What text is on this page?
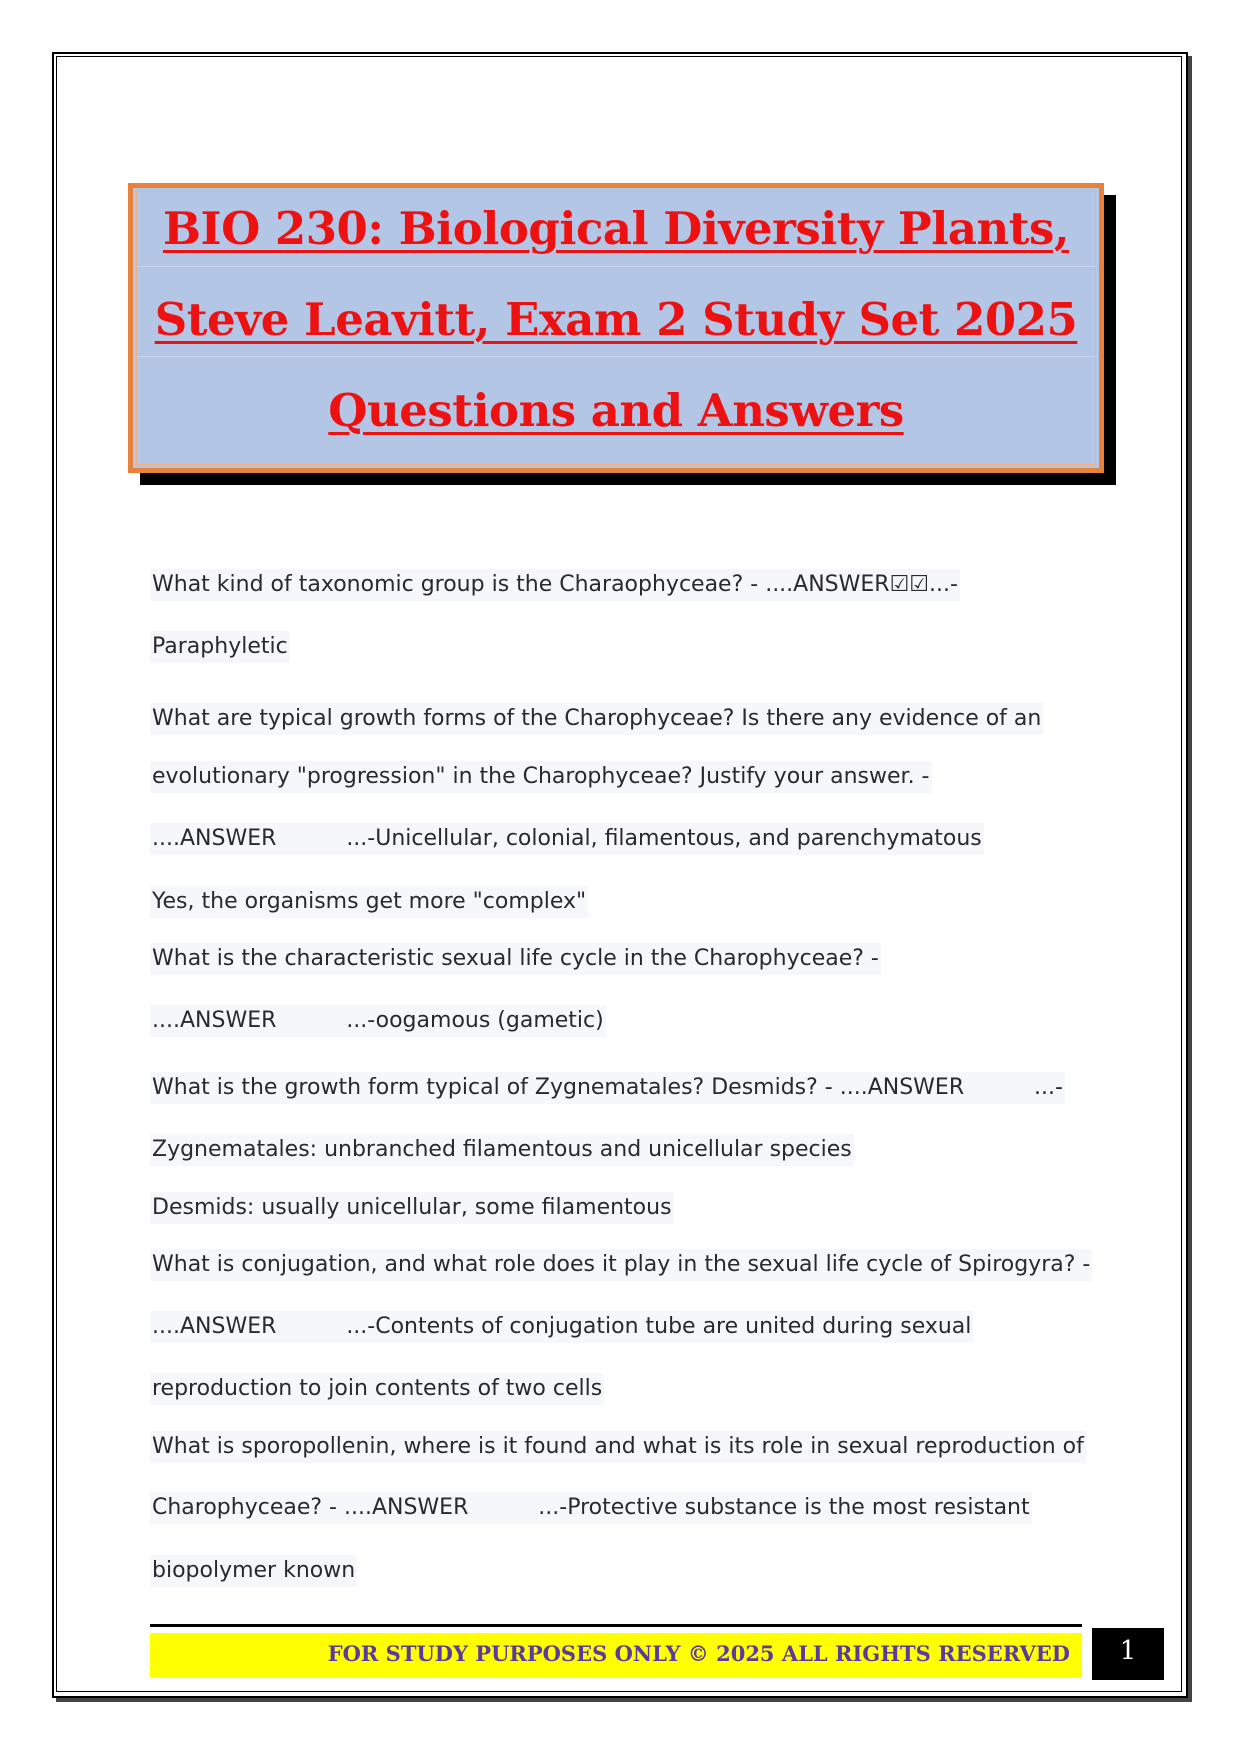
BIO 230: Biological Diversity Plants,
Steve Leavitt, Exam 2 Study Set 2025
Questions and Answers
What kind of taxonomic group is the Charaophyceae? - ....ANSWER☑☑...-
Paraphyletic
What are typical growth forms of the Charophyceae? Is there any evidence of an
evolutionary "progression" in the Charophyceae? Justify your answer. -
....ANSWER          ...-Unicellular, colonial, filamentous, and parenchymatous
Yes, the organisms get more "complex"
What is the characteristic sexual life cycle in the Charophyceae? -
....ANSWER          ...-oogamous (gametic)
What is the growth form typical of Zygnematales? Desmids? - ....ANSWER          ...-
Zygnematales: unbranched filamentous and unicellular species
Desmids: usually unicellular, some filamentous
What is conjugation, and what role does it play in the sexual life cycle of Spirogyra? -
....ANSWER          ...-Contents of conjugation tube are united during sexual
reproduction to join contents of two cells
What is sporopollenin, where is it found and what is its role in sexual reproduction of
Charophyceae? - ....ANSWER          ...-Protective substance is the most resistant
biopolymer known
FOR STUDY PURPOSES ONLY © 2025 ALL RIGHTS RESERVED	1
